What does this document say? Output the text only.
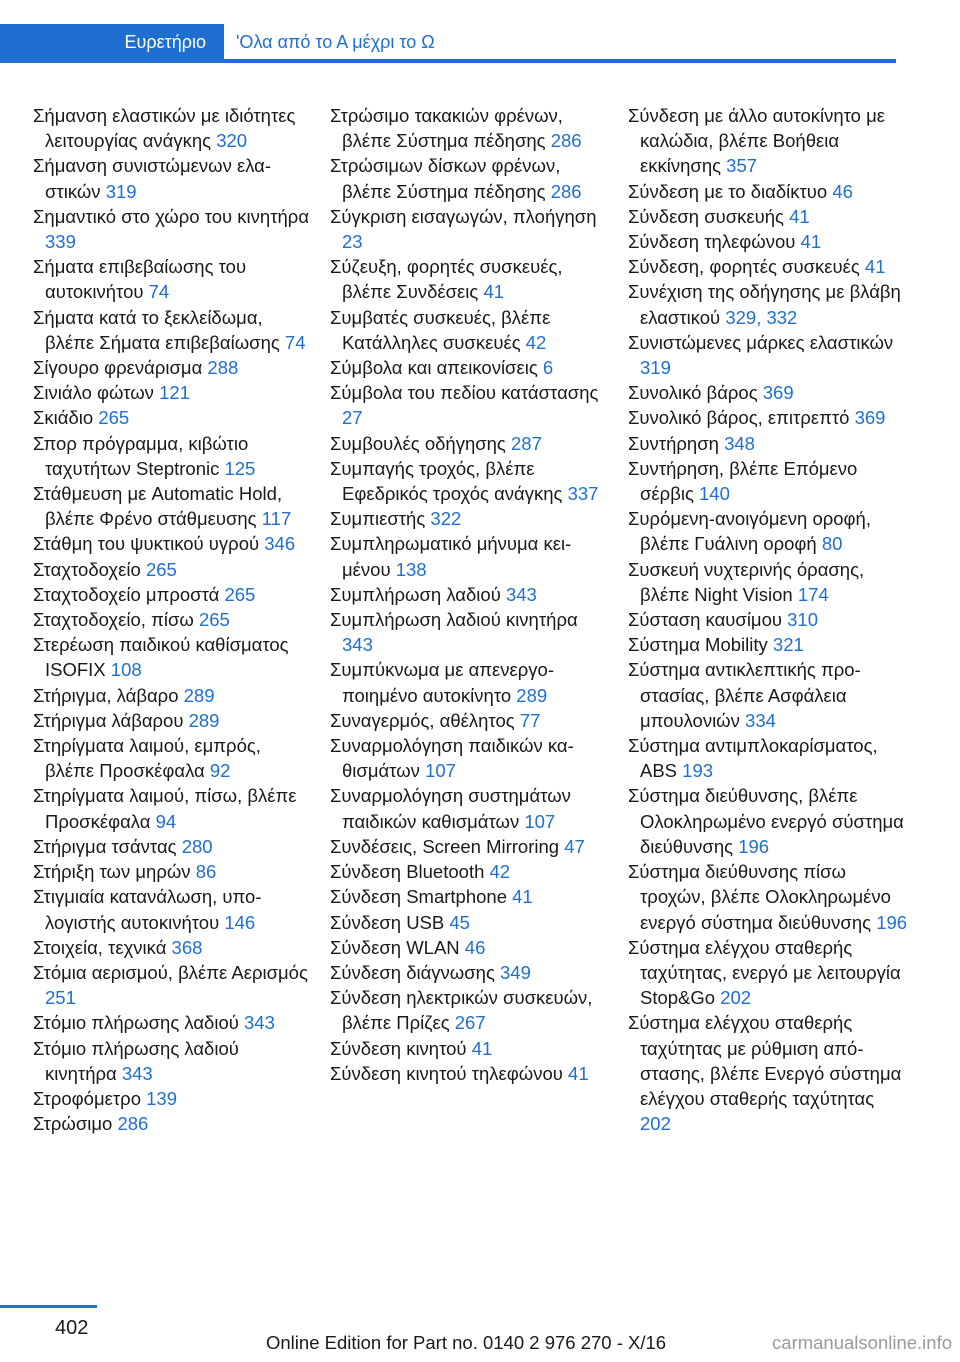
Ευρετήριο 'Ολα από το Α μέχρι το Ω

Σήμανση ελαστικών με ιδιότητες λειτουργίας ανάγκης 320

Σήμανση συνιστώμενων ελαστικών 319

Σημαντικό στο χώρο του κινητήρα 339

Σήματα επιβεβαίωσης του αυτοκινήτου 74

Σήματα κατά το ξεκλείδωμα, βλέπε Σήματα επιβεβαίωσης 74

Σίγουρο φρενάρισμα 288

Σινιάλο φώτων 121

Σκιάδιο 265

Σπορ πρόγραμμα, κιβώτιο ταχυτήτων Steptronic 125

Στάθμευση με Automatic Hold, βλέπε Φρένο στάθμευσης 117

Στάθμη του ψυκτικού υγρού 346

Σταχτοδοχείο 265

Σταχτοδοχείο μπροστά 265

Σταχτοδοχείο, πίσω 265

Στερέωση παιδικού καθίσματος ISOFIX 108

Στήριγμα, λάβαρο 289

Στήριγμα λάβαρου 289

Στηρίγματα λαιμού, εμπρός, βλέπε Προσκέφαλα 92

Στηρίγματα λαιμού, πίσω, βλέπε Προσκέφαλα 94

Στήριγμα τσάντας 280

Στήριξη των μηρών 86

Στιγμιαία κατανάλωση, υπολογιστής αυτοκινήτου 146

Στοιχεία, τεχνικά 368

Στόμια αερισμού, βλέπε Αερισμός 251

Στόμιο πλήρωσης λαδιού 343

Στόμιο πλήρωσης λαδιού κινητήρα 343

Στροφόμετρο 139

Στρώσιμο 286

Στρώσιμο τακακιών φρένων, βλέπε Σύστημα πέδησης 286

Στρώσιμων δίσκων φρένων, βλέπε Σύστημα πέδησης 286

Σύγκριση εισαγωγών, πλοήγηση 23

Σύζευξη, φορητές συσκευές, βλέπε Συνδέσεις 41

Συμβατές συσκευές, βλέπε Κατάλληλες συσκευές 42

Σύμβολα και απεικονίσεις 6

Σύμβολα του πεδίου κατάστασης 27

Συμβουλές οδήγησης 287

Συμπαγής τροχός, βλέπε Εφεδρικός τροχός ανάγκης 337

Συμπιεστής 322

Συμπληρωματικό μήνυμα κειμένου 138

Συμπλήρωση λαδιού 343

Συμπλήρωση λαδιού κινητήρα 343

Συμπύκνωμα με απενεργοποιημένο αυτοκίνητο 289

Συναγερμός, αθέλητος 77

Συναρμολόγηση παιδικών καθισμάτων 107

Συναρμολόγηση συστημάτων παιδικών καθισμάτων 107

Συνδέσεις, Screen Mirroring 47

Σύνδεση Bluetooth 42

Σύνδεση Smartphone 41

Σύνδεση USB 45

Σύνδεση WLAN 46

Σύνδεση διάγνωσης 349

Σύνδεση ηλεκτρικών συσκευών, βλέπε Πρίζες 267

Σύνδεση κινητού 41

Σύνδεση κινητού τηλεφώνου 41

Σύνδεση με άλλο αυτοκίνητο με καλώδια, βλέπε Βοήθεια εκκίνησης 357

Σύνδεση με το διαδίκτυο 46

Σύνδεση συσκευής 41

Σύνδεση τηλεφώνου 41

Σύνδεση, φορητές συσκευές 41

Συνέχιση της οδήγησης με βλάβη ελαστικού 329, 332

Συνιστώμενες μάρκες ελαστικών 319

Συνολικό βάρος 369

Συνολικό βάρος, επιτρεπτό 369

Συντήρηση 348

Συντήρηση, βλέπε Επόμενο σέρβις 140

Συρόμενη-ανοιγόμενη οροφή, βλέπε Γυάλινη οροφή 80

Συσκευή νυχτερινής όρασης, βλέπε Night Vision 174

Σύσταση καυσίμου 310

Σύστημα Mobility 321

Σύστημα αντικλεπτικής προστασίας, βλέπε Ασφάλεια μπουλονιών 334

Σύστημα αντιμπλοκαρίσματος, ABS 193

Σύστημα διεύθυνσης, βλέπε Ολοκληρωμένο ενεργό σύστημα διεύθυνσης 196

Σύστημα διεύθυνσης πίσω τροχών, βλέπε Ολοκληρωμένο ενεργό σύστημα διεύθυνσης 196

Σύστημα ελέγχου σταθερής ταχύτητας, ενεργό με λειτουργία Stop&Go 202

Σύστημα ελέγχου σταθερής ταχύτητας με ρύθμιση απόστασης, βλέπε Ενεργό σύστημα ελέγχου σταθερής ταχύτητας 202

402
Online Edition for Part no. 0140 2 976 270 - X/16	carmanualsonline.info
